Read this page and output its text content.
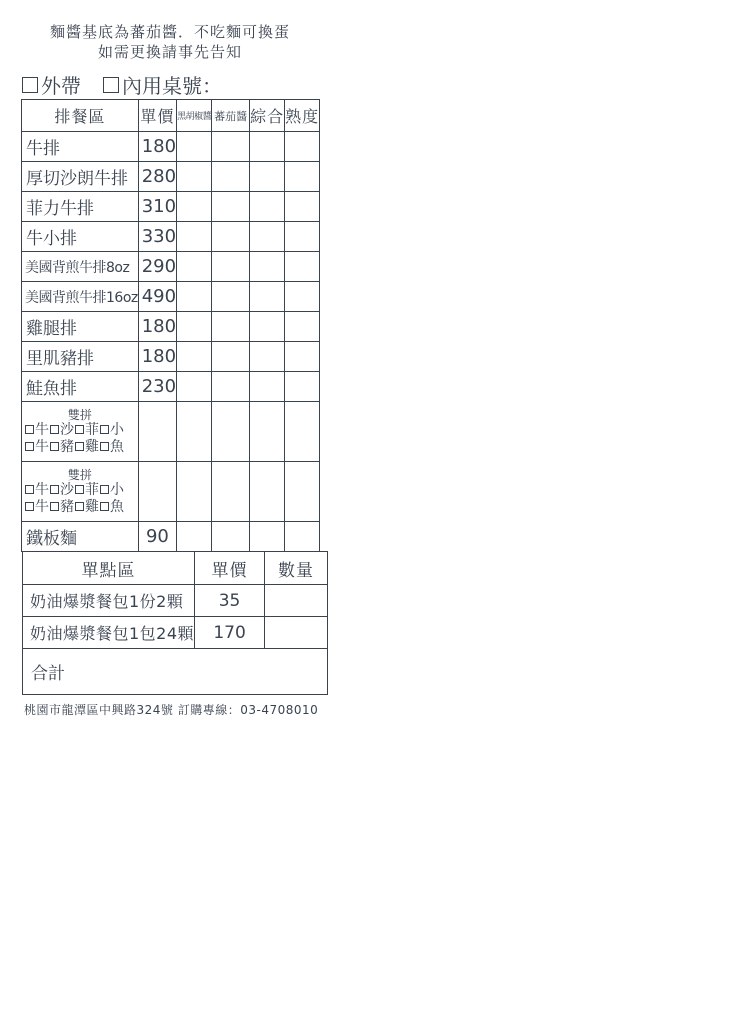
麵醬基底為蕃茄醬．不吃麵可換蛋
如需更換請事先告知
外帶 內用桌號：
排餐區	單價	黑胡椒醬	蕃茄醬	綜合	熟度
牛排	180				
厚切沙朗牛排	280				
菲力牛排	310				
牛小排	330				
美國背煎牛排8oz	290				
美國背煎牛排16oz	490				
雞腿排	180				
里肌豬排	180				
鮭魚排	230				

雙拼
牛 沙 菲 小
牛 豬 雞 魚					

雙拼
牛 沙 菲 小
牛 豬 雞 魚					

鐵板麵	90				
單點區	單價	數量
奶油爆漿餐包1份2顆	35	
奶油爆漿餐包1包24顆	170	
合計		
桃園市龍潭區中興路324號 訂購專線：03-4708010
